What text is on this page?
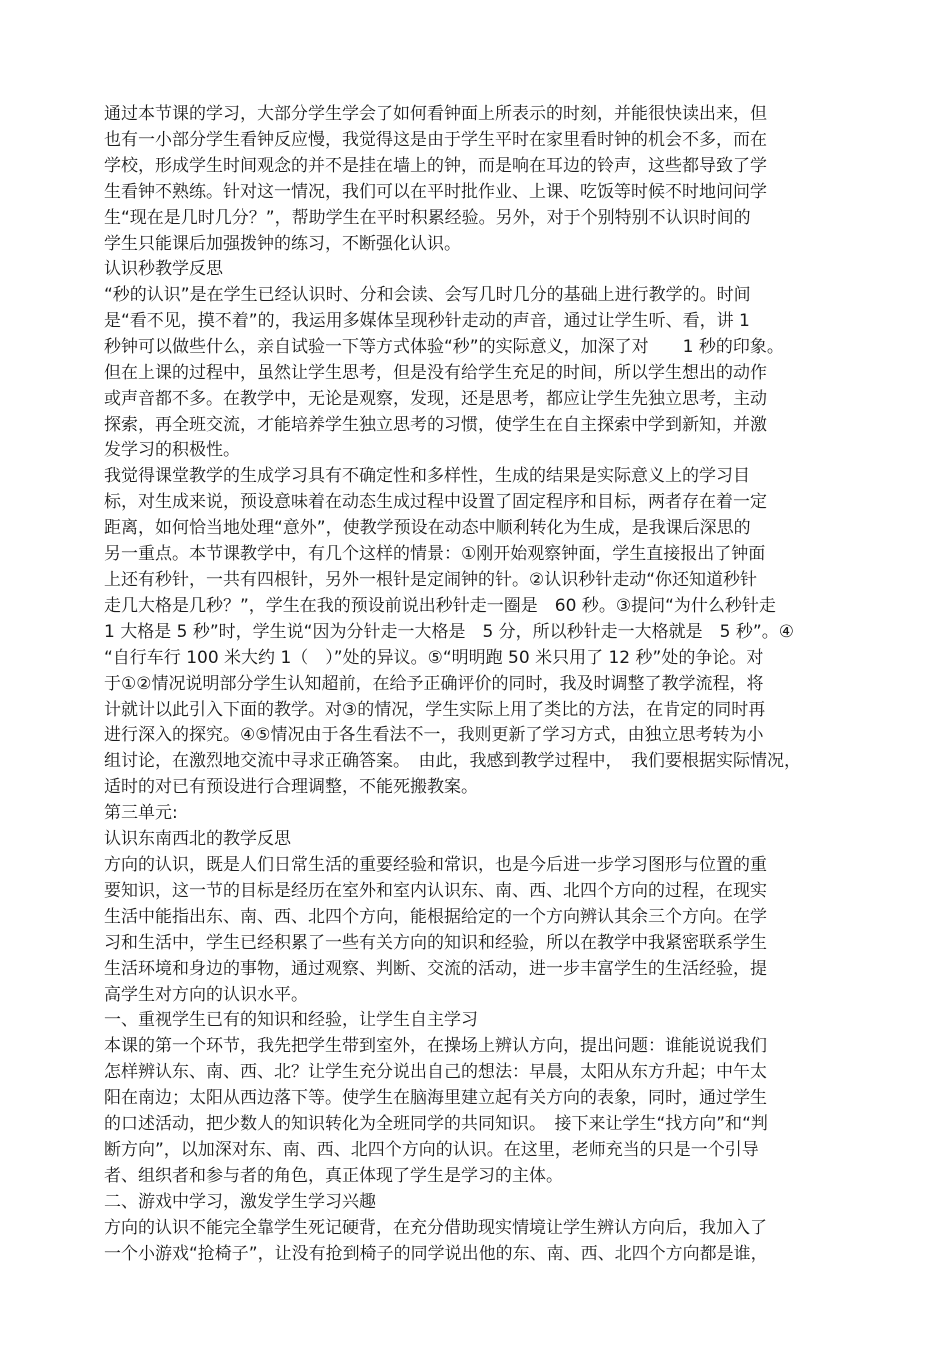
通过本节课的学习，大部分学生学会了如何看钟面上所表示的时刻，并能很快读出来，但
也有一小部分学生看钟反应慢，我觉得这是由于学生平时在家里看时钟的机会不多，而在
学校，形成学生时间观念的并不是挂在墙上的钟，而是响在耳边的铃声，这些都导致了学
生看钟不熟练。针对这一情况，我们可以在平时批作业、上课、吃饭等时候不时地问问学
生“现在是几时几分？”，帮助学生在平时积累经验。另外，对于个别特别不认识时间的
学生只能课后加强拨钟的练习，不断强化认识。
认识秒教学反思
“秒的认识”是在学生已经认识时、分和会读、会写几时几分的基础上进行教学的。时间
是“看不见，摸不着”的，我运用多媒体呈现秒针走动的声音，通过让学生听、看，讲 1
秒钟可以做些什么，亲自试验一下等方式体验“秒”的实际意义，加深了对　　1 秒的印象。
但在上课的过程中，虽然让学生思考，但是没有给学生充足的时间，所以学生想出的动作
或声音都不多。在教学中，无论是观察，发现，还是思考，都应让学生先独立思考，主动
探索，再全班交流，才能培养学生独立思考的习惯，使学生在自主探索中学到新知，并激
发学习的积极性。
我觉得课堂教学的生成学习具有不确定性和多样性，生成的结果是实际意义上的学习目
标，对生成来说，预设意味着在动态生成过程中设置了固定程序和目标，两者存在着一定
距离，如何恰当地处理“意外”，使教学预设在动态中顺利转化为生成，是我课后深思的
另一重点。本节课教学中，有几个这样的情景：①刚开始观察钟面，学生直接报出了钟面
上还有秒针，一共有四根针，另外一根针是定闹钟的针。②认识秒针走动“你还知道秒针
走几大格是几秒？”，学生在我的预设前说出秒针走一圈是　60 秒。③提问“为什么秒针走
1 大格是 5 秒”时，学生说“因为分针走一大格是　5 分，所以秒针走一大格就是　5 秒”。④
“自行车行 100 米大约 1（　）”处的异议。⑤“明明跑 50 米只用了 12 秒”处的争论。对
于①②情况说明部分学生认知超前，在给予正确评价的同时，我及时调整了教学流程，将
计就计以此引入下面的教学。对③的情况，学生实际上用了类比的方法，在肯定的同时再
进行深入的探究。④⑤情况由于各生看法不一，我则更新了学习方式，由独立思考转为小
组讨论，在激烈地交流中寻求正确答案。　由此，我感到教学过程中，　我们要根据实际情况，
适时的对已有预设进行合理调整，不能死搬教案。
第三单元:
认识东南西北的教学反思
方向的认识，既是人们日常生活的重要经验和常识，也是今后进一步学习图形与位置的重
要知识，这一节的目标是经历在室外和室内认识东、南、西、北四个方向的过程，在现实
生活中能指出东、南、西、北四个方向，能根据给定的一个方向辨认其余三个方向。在学
习和生活中，学生已经积累了一些有关方向的知识和经验，所以在教学中我紧密联系学生
生活环境和身边的事物，通过观察、判断、交流的活动，进一步丰富学生的生活经验，提
高学生对方向的认识水平。
一、重视学生已有的知识和经验，让学生自主学习
本课的第一个环节，我先把学生带到室外，在操场上辨认方向，提出问题：谁能说说我们
怎样辨认东、南、西、北？让学生充分说出自己的想法：早晨，太阳从东方升起；中午太
阳在南边；太阳从西边落下等。使学生在脑海里建立起有关方向的表象，同时，通过学生
的口述活动，把少数人的知识转化为全班同学的共同知识。　接下来让学生“找方向”和“判
断方向”，以加深对东、南、西、北四个方向的认识。在这里，老师充当的只是一个引导
者、组织者和参与者的角色，真正体现了学生是学习的主体。
二、游戏中学习，激发学生学习兴趣
方向的认识不能完全靠学生死记硬背，在充分借助现实情境让学生辨认方向后，我加入了
一个小游戏“抢椅子”，让没有抢到椅子的同学说出他的东、南、西、北四个方向都是谁，
